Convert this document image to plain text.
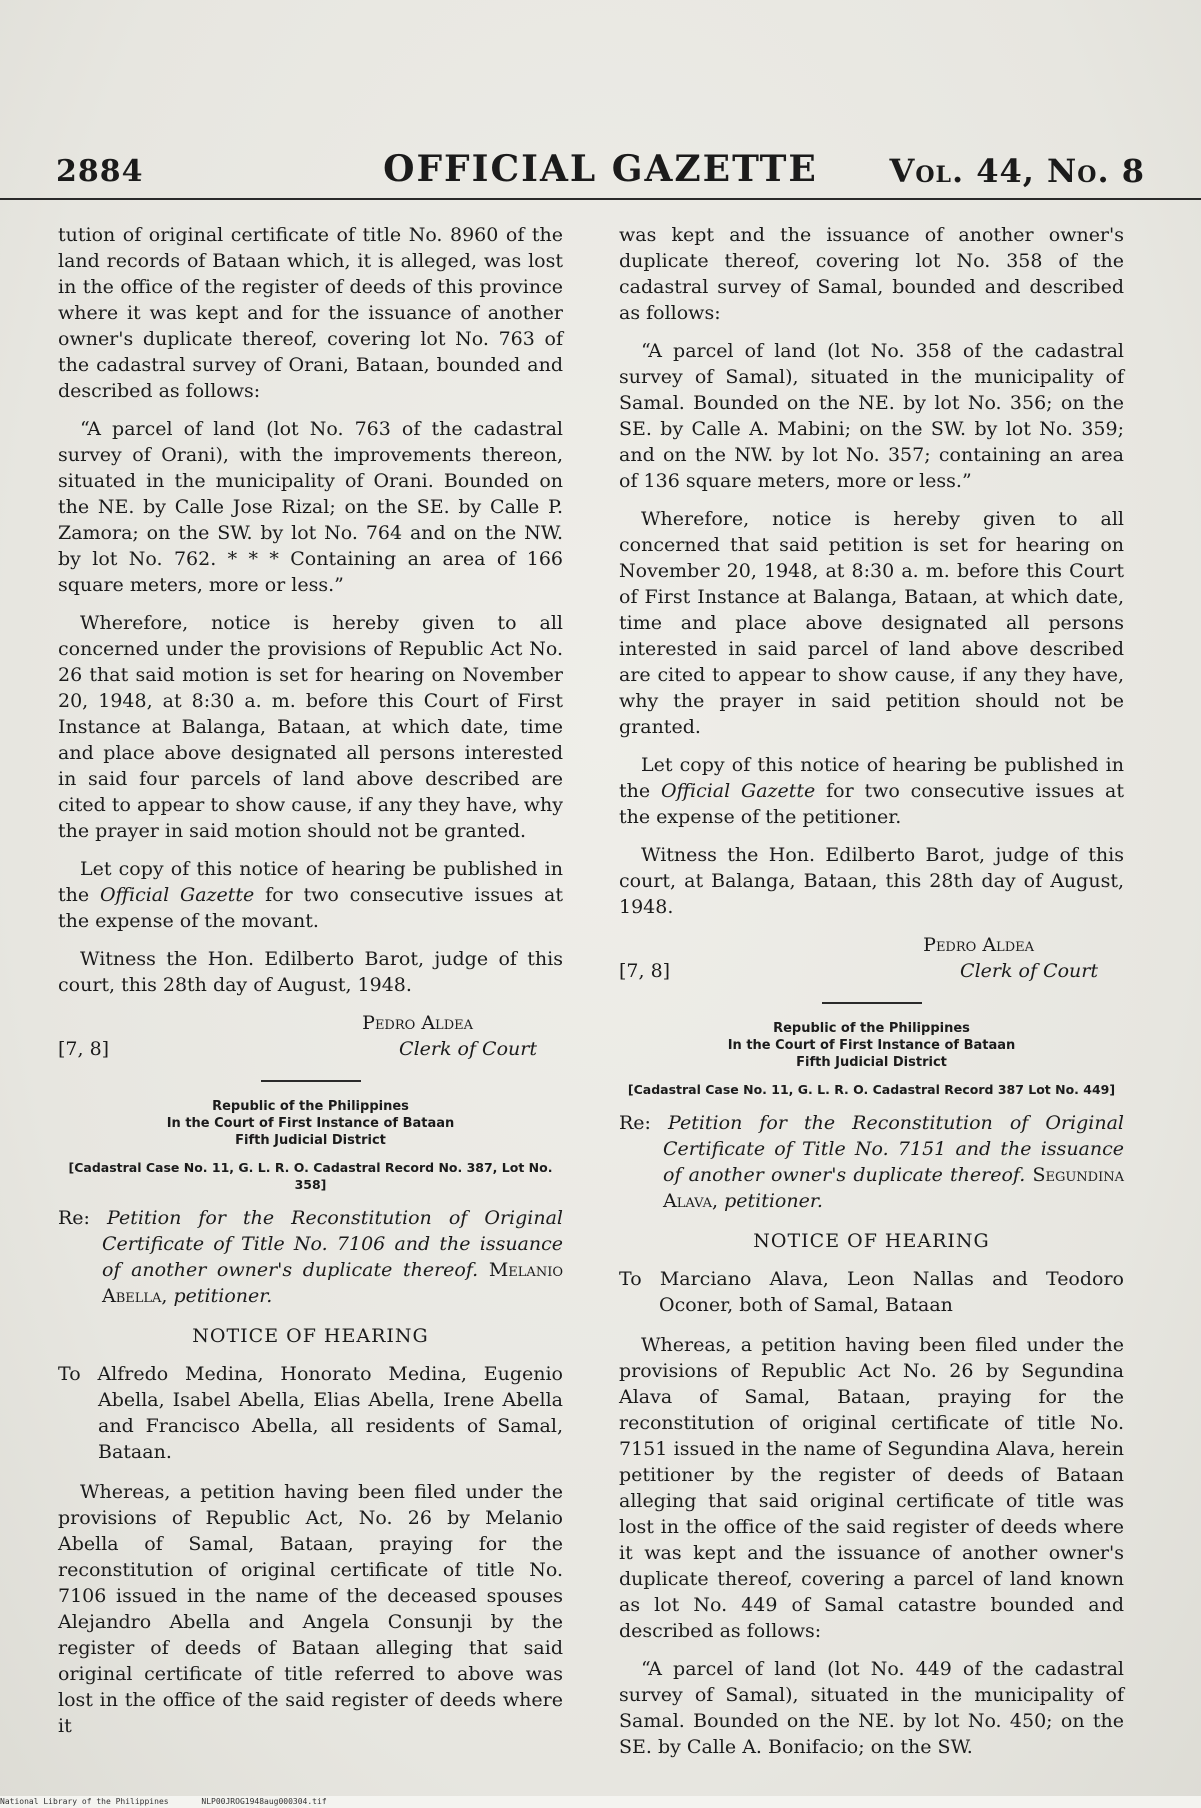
2884	OFFICIAL GAZETTE	Vol. 44, No. 8

tution of original certificate of title No. 8960 of the land records of Bataan which, it is alleged, was lost in the office of the register of deeds of this province where it was kept and for the issuance of another owner's duplicate thereof, covering lot No. 763 of the cadastral survey of Orani, Bataan, bounded and described as follows:

“A parcel of land (lot No. 763 of the cadastral survey of Orani), with the improvements thereon, situated in the municipality of Orani. Bounded on the NE. by Calle Jose Rizal; on the SE. by Calle P. Zamora; on the SW. by lot No. 764 and on the NW. by lot No. 762. * * * Containing an area of 166 square meters, more or less.”

Wherefore, notice is hereby given to all concerned under the provisions of Republic Act No. 26 that said motion is set for hearing on November 20, 1948, at 8:30 a. m. before this Court of First Instance at Balanga, Bataan, at which date, time and place above designated all persons interested in said four parcels of land above described are cited to appear to show cause, if any they have, why the prayer in said motion should not be granted.

Let copy of this notice of hearing be published in the Official Gazette for two consecutive issues at the expense of the movant.

Witness the Hon. Edilberto Barot, judge of this court, this 28th day of August, 1948.

Pedro Aldea
Clerk of Court
[7, 8]
Republic of the Philippines
In the Court of First Instance of Bataan
Fifth Judicial District
[Cadastral Case No. 11, G. L. R. O. Cadastral Record No. 387, Lot No. 358]

Re: Petition for the Reconstitution of Original Certificate of Title No. 7106 and the issuance of another owner's duplicate thereof. Melanio Abella, petitioner.

NOTICE OF HEARING

To Alfredo Medina, Honorato Medina, Eugenio Abella, Isabel Abella, Elias Abella, Irene Abella and Francisco Abella, all residents of Samal, Bataan.

Whereas, a petition having been filed under the provisions of Republic Act, No. 26 by Melanio Abella of Samal, Bataan, praying for the reconstitution of original certificate of title No. 7106 issued in the name of the deceased spouses Alejandro Abella and Angela Consunji by the register of deeds of Bataan alleging that said original certificate of title referred to above was lost in the office of the said register of deeds where it

was kept and the issuance of another owner's duplicate thereof, covering lot No. 358 of the cadastral survey of Samal, bounded and described as follows:

“A parcel of land (lot No. 358 of the cadastral survey of Samal), situated in the municipality of Samal. Bounded on the NE. by lot No. 356; on the SE. by Calle A. Mabini; on the SW. by lot No. 359; and on the NW. by lot No. 357; containing an area of 136 square meters, more or less.”

Wherefore, notice is hereby given to all concerned that said petition is set for hearing on November 20, 1948, at 8:30 a. m. before this Court of First Instance at Balanga, Bataan, at which date, time and place above designated all persons interested in said parcel of land above described are cited to appear to show cause, if any they have, why the prayer in said petition should not be granted.

Let copy of this notice of hearing be published in the Official Gazette for two consecutive issues at the expense of the petitioner.

Witness the Hon. Edilberto Barot, judge of this court, at Balanga, Bataan, this 28th day of August, 1948.

Pedro Aldea
Clerk of Court
[7, 8]
Republic of the Philippines
In the Court of First Instance of Bataan
Fifth Judicial District
[Cadastral Case No. 11, G. L. R. O. Cadastral Record 387 Lot No. 449]

Re: Petition for the Reconstitution of Original Certificate of Title No. 7151 and the issuance of another owner's duplicate thereof. Segundina Alava, petitioner.

NOTICE OF HEARING

To Marciano Alava, Leon Nallas and Teodoro Oconer, both of Samal, Bataan

Whereas, a petition having been filed under the provisions of Republic Act No. 26 by Segundina Alava of Samal, Bataan, praying for the reconstitution of original certificate of title No. 7151 issued in the name of Segundina Alava, herein petitioner by the register of deeds of Bataan alleging that said original certificate of title was lost in the office of the said register of deeds where it was kept and the issuance of another owner's duplicate thereof, covering a parcel of land known as lot No. 449 of Samal catastre bounded and described as follows:

“A parcel of land (lot No. 449 of the cadastral survey of Samal), situated in the municipality of Samal. Bounded on the NE. by lot No. 450; on the SE. by Calle A. Bonifacio; on the SW.

National Library of the Philippines	NLP00JROG1948aug000304.tif
